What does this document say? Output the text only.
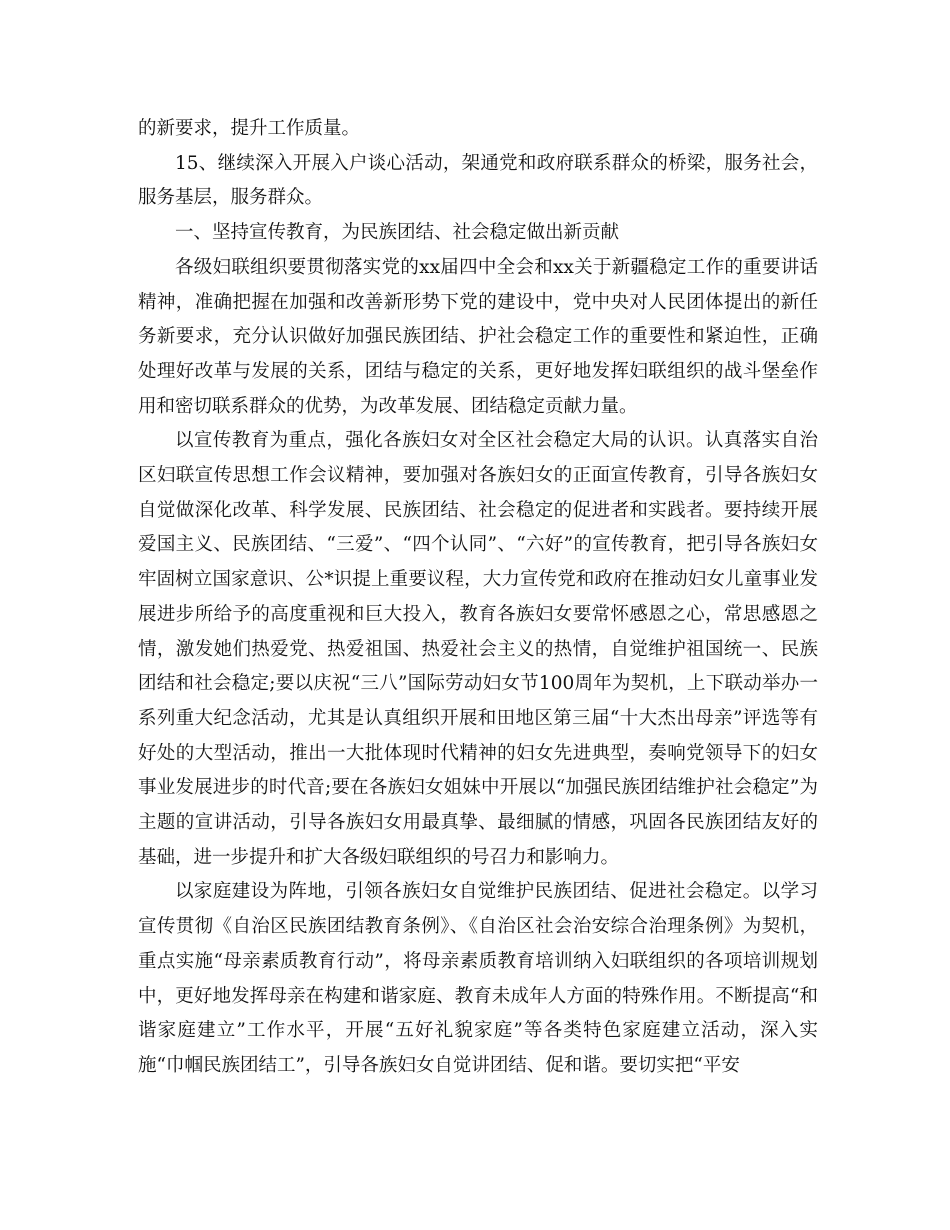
的新要求，提升工作质量。

15、继续深入开展入户谈心活动，架通党和政府联系群众的桥梁，服务社会，服务基层，服务群众。

一、坚持宣传教育，为民族团结、社会稳定做出新贡献

各级妇联组织要贯彻落实党的xx届四中全会和xx关于新疆稳定工作的重要讲话精神，准确把握在加强和改善新形势下党的建设中，党中央对人民团体提出的新任务新要求，充分认识做好加强民族团结、护社会稳定工作的重要性和紧迫性，正确处理好改革与发展的关系，团结与稳定的关系，更好地发挥妇联组织的战斗堡垒作用和密切联系群众的优势，为改革发展、团结稳定贡献力量。

以宣传教育为重点，强化各族妇女对全区社会稳定大局的认识。认真落实自治区妇联宣传思想工作会议精神，要加强对各族妇女的正面宣传教育，引导各族妇女自觉做深化改革、科学发展、民族团结、社会稳定的促进者和实践者。要持续开展爱国主义、民族团结、“三爱”、“四个认同”、“六好”的宣传教育，把引导各族妇女牢固树立国家意识、公*识提上重要议程，大力宣传党和政府在推动妇女儿童事业发展进步所给予的高度重视和巨大投入，教育各族妇女要常怀感恩之心，常思感恩之情，激发她们热爱党、热爱祖国、热爱社会主义的热情，自觉维护祖国统一、民族团结和社会稳定;要以庆祝“三八”国际劳动妇女节100周年为契机，上下联动举办一系列重大纪念活动，尤其是认真组织开展和田地区第三届“十大杰出母亲”评选等有好处的大型活动，推出一大批体现时代精神的妇女先进典型，奏响党领导下的妇女事业发展进步的时代音;要在各族妇女姐妹中开展以“加强民族团结维护社会稳定”为主题的宣讲活动，引导各族妇女用最真挚、最细腻的情感，巩固各民族团结友好的基础，进一步提升和扩大各级妇联组织的号召力和影响力。

以家庭建设为阵地，引领各族妇女自觉维护民族团结、促进社会稳定。以学习宣传贯彻《自治区民族团结教育条例》、《自治区社会治安综合治理条例》为契机，重点实施“母亲素质教育行动”，将母亲素质教育培训纳入妇联组织的各项培训规划中，更好地发挥母亲在构建和谐家庭、教育未成年人方面的特殊作用。不断提高“和谐家庭建立”工作水平，开展“五好礼貌家庭”等各类特色家庭建立活动，深入实施“巾帼民族团结工”，引导各族妇女自觉讲团结、促和谐。要切实把“平安
